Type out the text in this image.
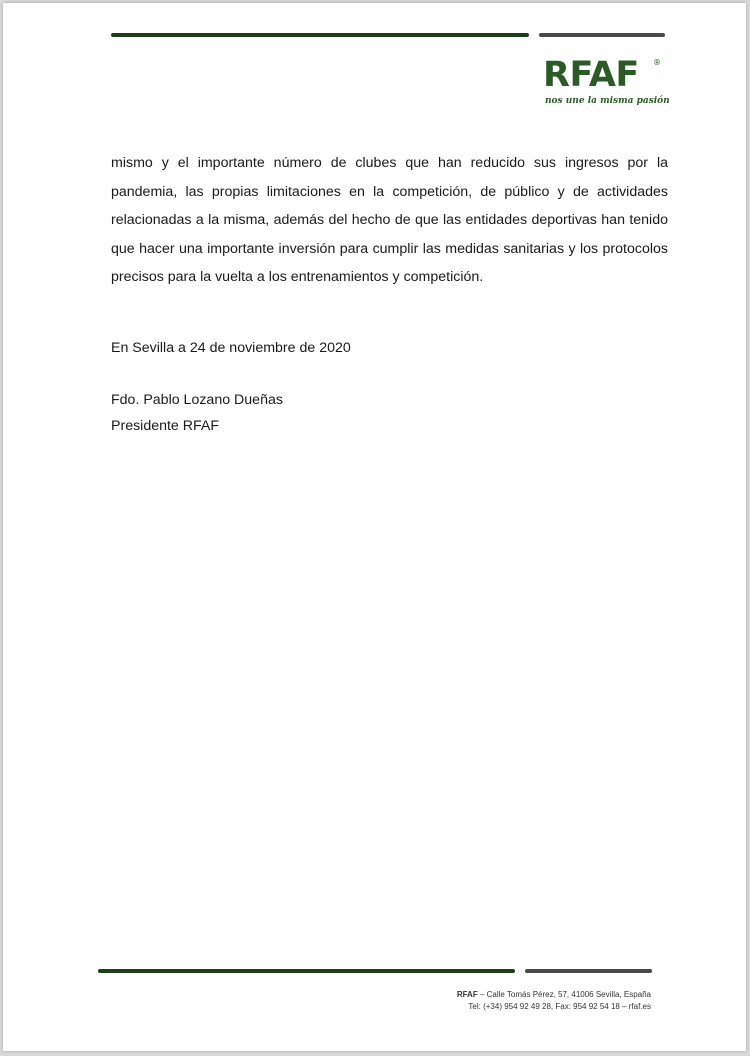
RFAF ®
nos une la misma pasión

mismo y el importante número de clubes que han reducido sus ingresos por la pandemia, las propias limitaciones en la competición, de público y de actividades relacionadas a la misma, además del hecho de que las entidades deportivas han tenido que hacer una importante inversión para cumplir las medidas sanitarias y los protocolos precisos para la vuelta a los entrenamientos y competición.

En Sevilla a 24 de noviembre de 2020

Fdo. Pablo Lozano Dueñas

Presidente RFAF

RFAF – Calle Tomás Pérez, 57, 41006 Sevilla, España
Tel: (+34) 954 92 49 28, Fax: 954 92 54 18 – rfaf.es
